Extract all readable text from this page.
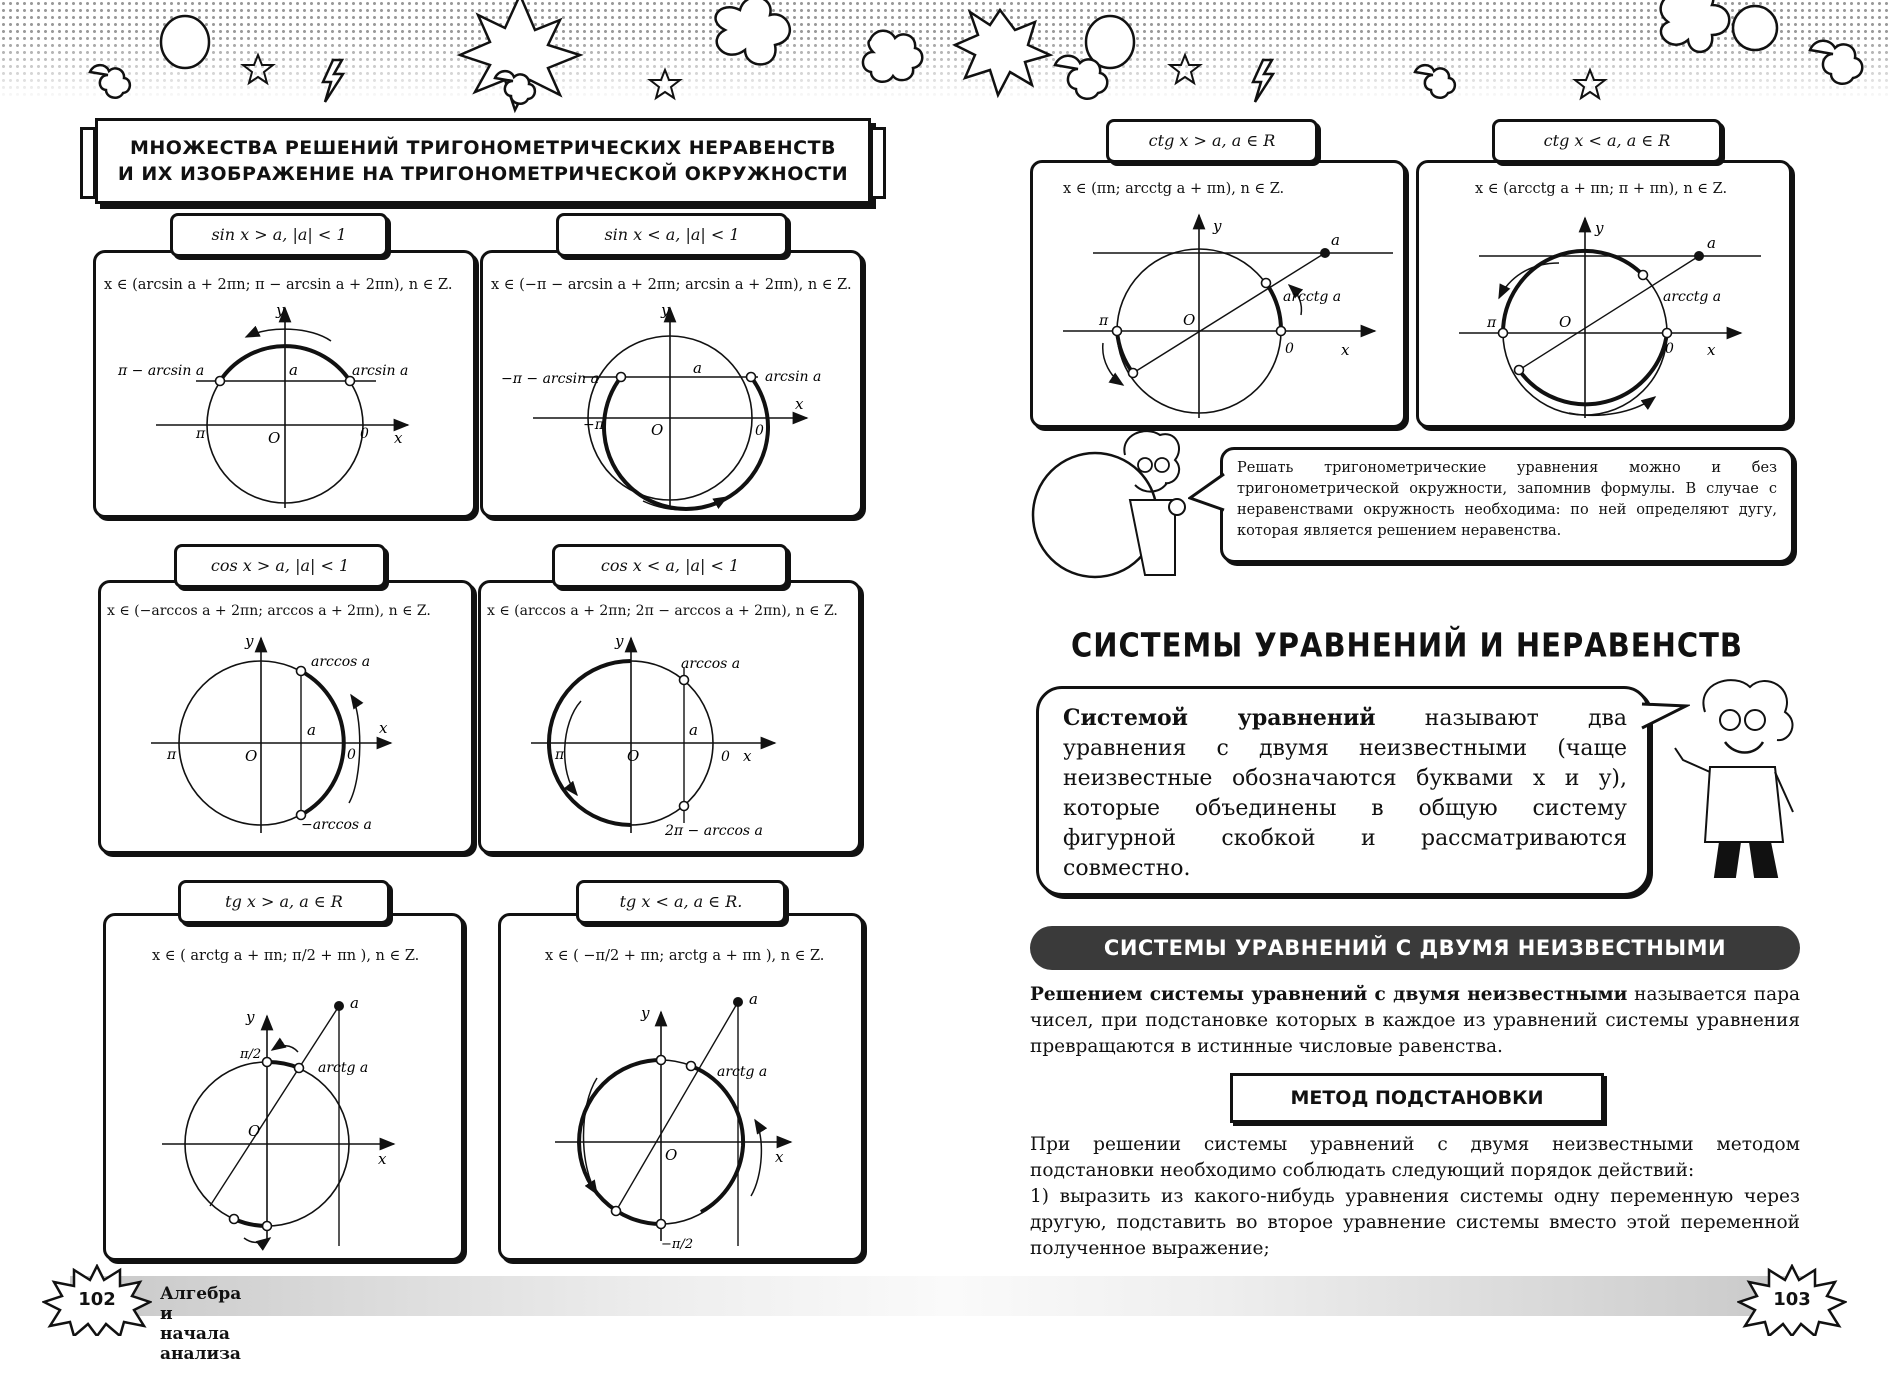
МНОЖЕСТВА РЕШЕНИЙ ТРИГОНОМЕТРИЧЕСКИХ НЕРАВЕНСТВ
И ИХ ИЗОБРАЖЕНИЕ НА ТРИГОНОМЕТРИЧЕСКОЙ ОКРУЖНОСТИ
x ∈ (arcsin a + 2πn; π − arcsin a + 2πn), n ∈ Z.
y
x
O
π	0
a
π − arcsin a	arcsin a
sin x > a, |a| < 1
x ∈ (−π − arcsin a + 2πn; arcsin a + 2πn), n ∈ Z.
y
x
O
−π	0
a
−π − arcsin a	arcsin a
sin x < a, |a| < 1
x ∈ (−arccos a + 2πn; arccos a + 2πn), n ∈ Z.
y
x
O
π	0
a
arccos a
−arccos a
cos x > a, |a| < 1
x ∈ (arccos a + 2πn; 2π − arccos a + 2πn), n ∈ Z.
y
x
O
π	0
a
arccos a
2π − arccos a
cos x < a, |a| < 1
x ∈ ( arctg a + πn; π/2 + πn ), n ∈ Z.
y
x
O
a
arctg a
π/2
tg x > a, a ∈ R
x ∈ ( −π/2 + πn; arctg a + πn ), n ∈ Z.
y
x
O
a
arctg a
−π/2
tg x < a, a ∈ R.
Алгебра и начала анализа
102
x ∈ (πn; arcctg a + πn), n ∈ Z.
y
x
O
a
π
0
arcctg a
ctg x > a, a ∈ R
x ∈ (arcctg a + πn; π + πn), n ∈ Z.
y
x
O
a
π
0
arcctg a
ctg x < a, a ∈ R
Решать тригонометрические уравнения можно и без тригонометрической окружности, запомнив формулы. В случае с неравенствами окружность необходима: по ней определяют дугу, которая является решением неравенства.
СИСТЕМЫ УРАВНЕНИЙ И НЕРАВЕНСТВ
Системой уравнений называют два уравнения с двумя неизвестными (чаще неизвестные обозначаются буквами x и y), которые объединены в общую систему фигурной скобкой и рассматриваются совместно.
СИСТЕМЫ УРАВНЕНИЙ С ДВУМЯ НЕИЗВЕСТНЫМИ
Решением системы уравнений с двумя неизвестными называется пара чисел, при подстановке которых в каждое из уравнений системы уравнения превращаются в истинные числовые равенства.
МЕТОД ПОДСТАНОВКИ
При решении системы уравнений с двумя неизвестными методом подстановки необходимо соблюдать следующий порядок действий:
1) выразить из какого-нибудь уравнения системы одну переменную через другую, подставить во второе уравнение системы вместо этой переменной полученное выражение;
103
